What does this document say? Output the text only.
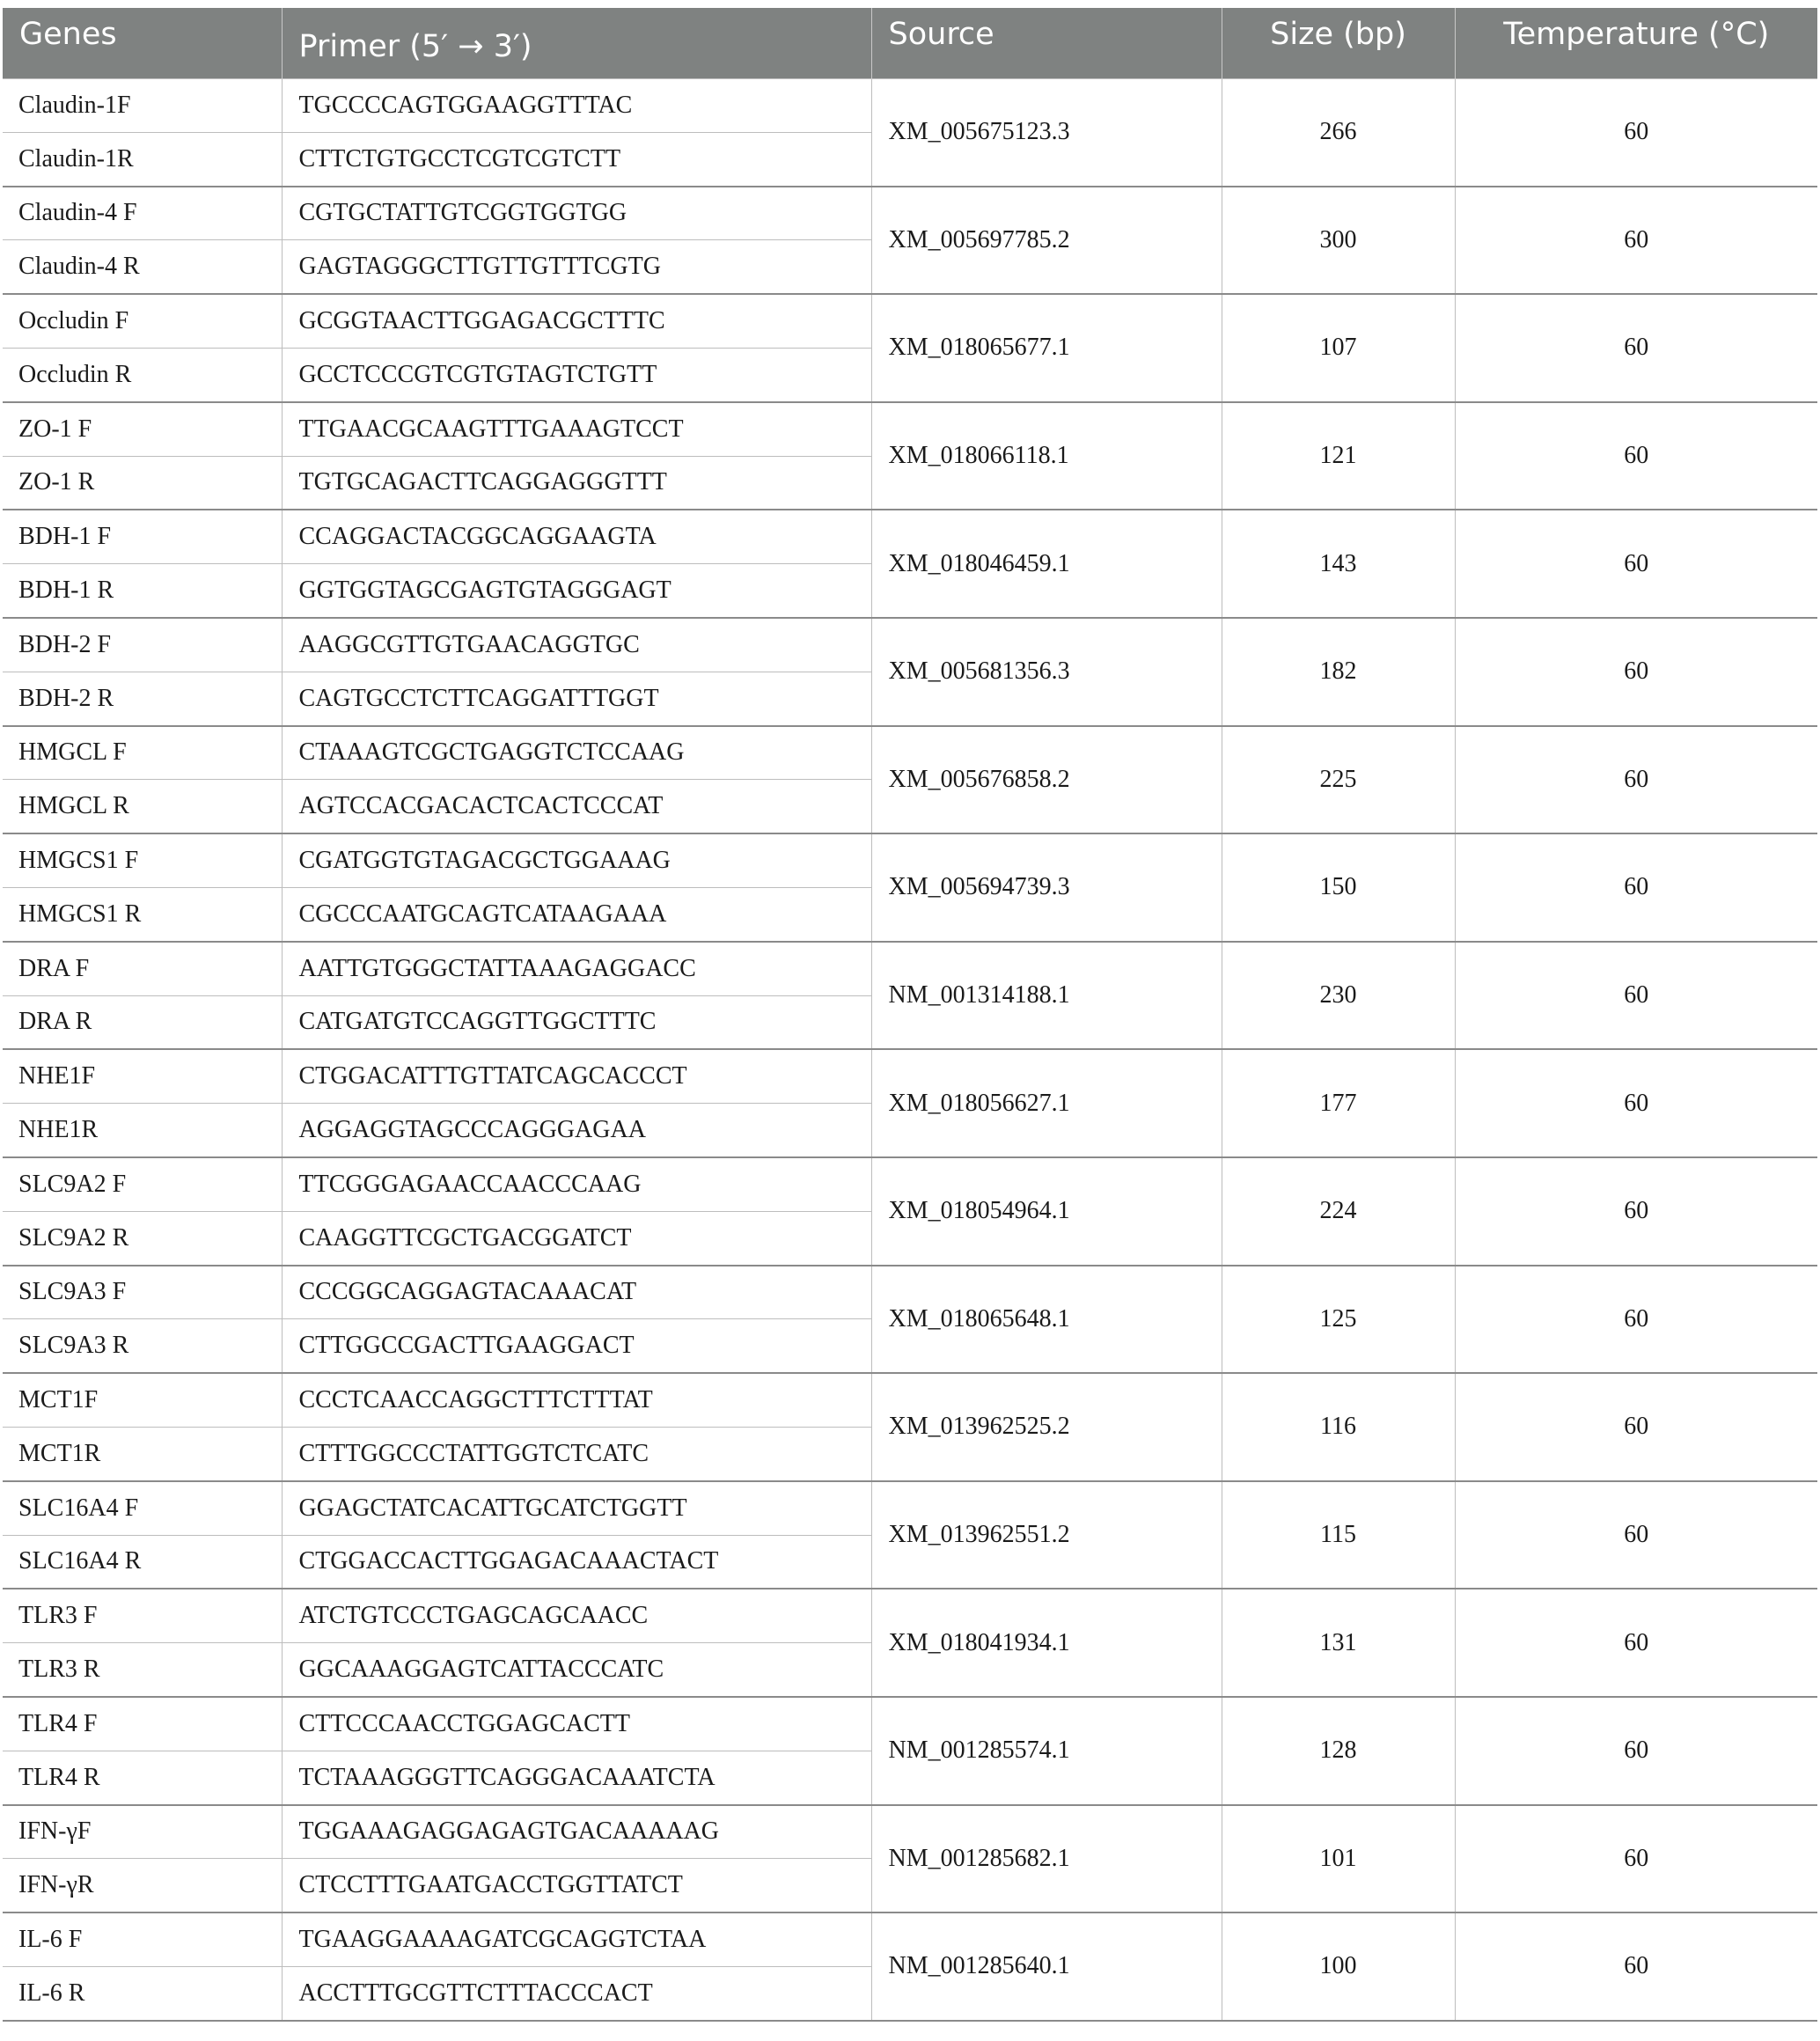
Genes	Primer (5′ → 3′)	Source	Size (bp)	Temperature (°C)
Claudin-1F	TGCCCCAGTGGAAGGTTTAC	XM_005675123.3	266	60
Claudin-1R	CTTCTGTGCCTCGTCGTCTT			
Claudin-4 F	CGTGCTATTGTCGGTGGTGG	XM_005697785.2	300	60
Claudin-4 R	GAGTAGGGCTTGTTGTTTCGTG			
Occludin F	GCGGTAACTTGGAGACGCTTTC	XM_018065677.1	107	60
Occludin R	GCCTCCCGTCGTGTAGTCTGTT			
ZO-1 F	TTGAACGCAAGTTTGAAAGTCCT	XM_018066118.1	121	60
ZO-1 R	TGTGCAGACTTCAGGAGGGTTT			
BDH-1 F	CCAGGACTACGGCAGGAAGTA	XM_018046459.1	143	60
BDH-1 R	GGTGGTAGCGAGTGTAGGGAGT			
BDH-2 F	AAGGCGTTGTGAACAGGTGC	XM_005681356.3	182	60
BDH-2 R	CAGTGCCTCTTCAGGATTTGGT			
HMGCL F	CTAAAGTCGCTGAGGTCTCCAAG	XM_005676858.2	225	60
HMGCL R	AGTCCACGACACTCACTCCCAT			
HMGCS1 F	CGATGGTGTAGACGCTGGAAAG	XM_005694739.3	150	60
HMGCS1 R	CGCCCAATGCAGTCATAAGAAA			
DRA F	AATTGTGGGCTATTAAAGAGGACC	NM_001314188.1	230	60
DRA R	CATGATGTCCAGGTTGGCTTTC			
NHE1F	CTGGACATTTGTTATCAGCACCCT	XM_018056627.1	177	60
NHE1R	AGGAGGTAGCCCAGGGAGAA			
SLC9A2 F	TTCGGGAGAACCAACCCAAG	XM_018054964.1	224	60
SLC9A2 R	CAAGGTTCGCTGACGGATCT			
SLC9A3 F	CCCGGCAGGAGTACAAACAT	XM_018065648.1	125	60
SLC9A3 R	CTTGGCCGACTTGAAGGACT			
MCT1F	CCCTCAACCAGGCTTTCTTTAT	XM_013962525.2	116	60
MCT1R	CTTTGGCCCTATTGGTCTCATC			
SLC16A4 F	GGAGCTATCACATTGCATCTGGTT	XM_013962551.2	115	60
SLC16A4 R	CTGGACCACTTGGAGACAAACTACT			
TLR3 F	ATCTGTCCCTGAGCAGCAACC	XM_018041934.1	131	60
TLR3 R	GGCAAAGGAGTCATTACCCATC			
TLR4 F	CTTCCCAACCTGGAGCACTT	NM_001285574.1	128	60
TLR4 R	TCTAAAGGGTTCAGGGACAAATCTA			
IFN-γF	TGGAAAGAGGAGAGTGACAAAAAG	NM_001285682.1	101	60
IFN-γR	CTCCTTTGAATGACCTGGTTATCT			
IL-6 F	TGAAGGAAAAGATCGCAGGTCTAA	NM_001285640.1	100	60
IL-6 R	ACCTTTGCGTTCTTTACCCACT			
